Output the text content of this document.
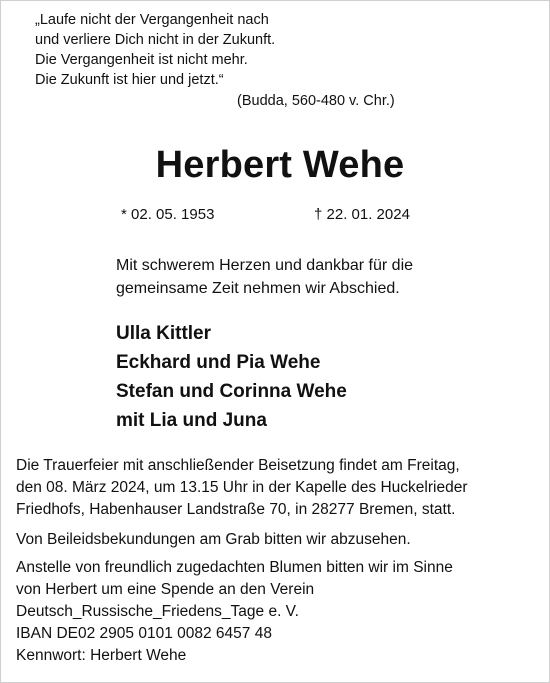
„Laufe nicht der Vergangenheit nach
und verliere Dich nicht in der Zukunft.
Die Vergangenheit ist nicht mehr.
Die Zukunft ist hier und jetzt.“
(Budda, 560-480 v. Chr.)
Herbert Wehe
* 02. 05. 1953	† 22. 01. 2024
Mit schwerem Herzen und dankbar für die
gemeinsame Zeit nehmen wir Abschied.
Ulla Kittler
Eckhard und Pia Wehe
Stefan und Corinna Wehe
mit Lia und Juna
Die Trauerfeier mit anschließender Beisetzung findet am Freitag,
den 08. März 2024, um 13.15 Uhr in der Kapelle des Huckelrieder
Friedhofs, Habenhauser Landstraße 70, in 28277 Bremen, statt.
Von Beileidsbekundungen am Grab bitten wir abzusehen.
Anstelle von freundlich zugedachten Blumen bitten wir im Sinne
von Herbert um eine Spende an den Verein
Deutsch_Russische_Friedens_Tage e. V.
IBAN DE02 2905 0101 0082 6457 48
Kennwort: Herbert Wehe
